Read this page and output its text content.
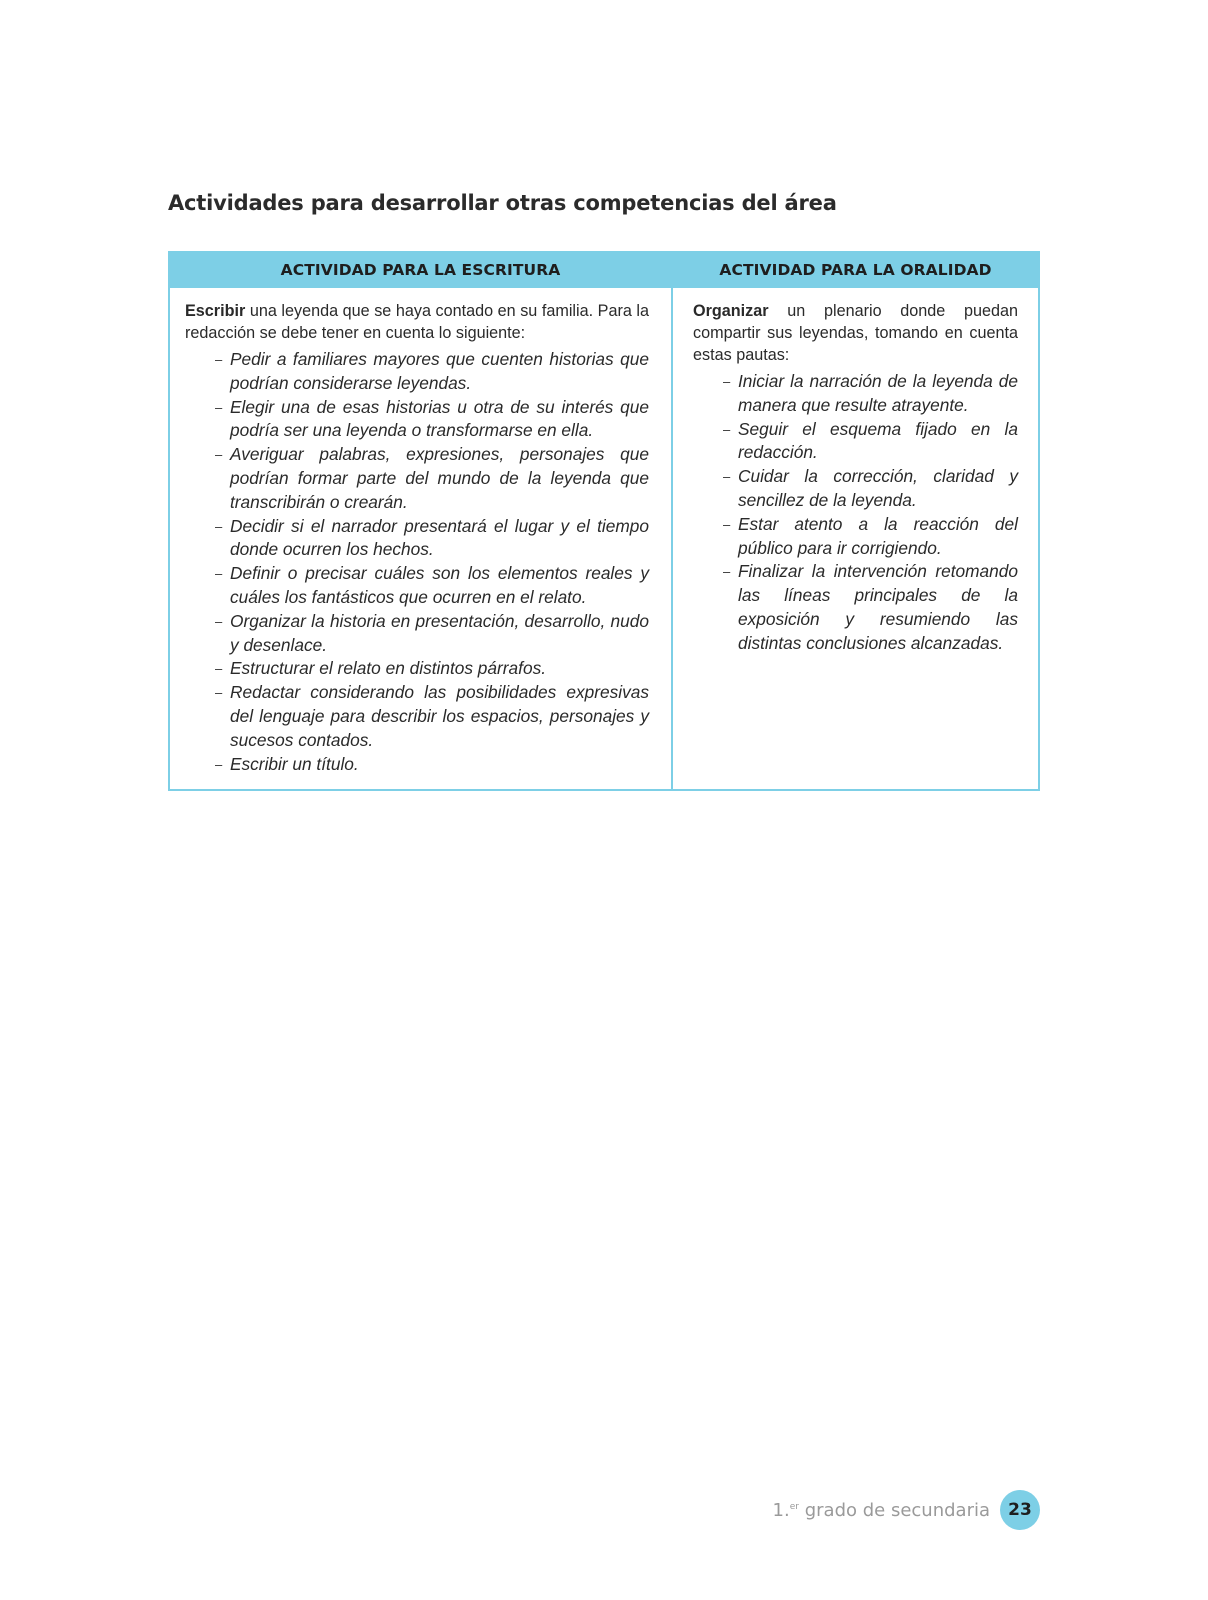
Actividades para desarrollar otras competencias del área
ACTIVIDAD PARA LA ESCRITURA

Escribir una leyenda que se haya contado en su familia. Para la redacción se debe tener en cuenta lo siguiente:

– Pedir a familiares mayores que cuenten historias que podrían considerarse leyendas.
– Elegir una de esas historias u otra de su interés que podría ser una leyenda o transformarse en ella.
– Averiguar palabras, expresiones, personajes que podrían formar parte del mundo de la leyenda que transcribirán o crearán.
– Decidir si el narrador presentará el lugar y el tiempo donde ocurren los hechos.
– Definir o precisar cuáles son los elementos reales y cuáles los fantásticos que ocurren en el relato.
– Organizar la historia en presentación, desarrollo, nudo y desenlace.
– Estructurar el relato en distintos párrafos.
– Redactar considerando las posibilidades expresivas del lenguaje para describir los espacios, personajes y sucesos contados.
– Escribir un título.
ACTIVIDAD PARA LA ORALIDAD

Organizar un plenario donde puedan compartir sus leyendas, tomando en cuenta estas pautas:

– Iniciar la narración de la leyenda de manera que resulte atrayente.
– Seguir el esquema fijado en la redacción.
– Cuidar la corrección, claridad y sencillez de la leyenda.
– Estar atento a la reacción del público para ir corrigiendo.
– Finalizar la intervención retomando las líneas principales de la exposición y resumiendo las distintas conclusiones alcanzadas.
1.$^{er}$ grado de secundaria	23
